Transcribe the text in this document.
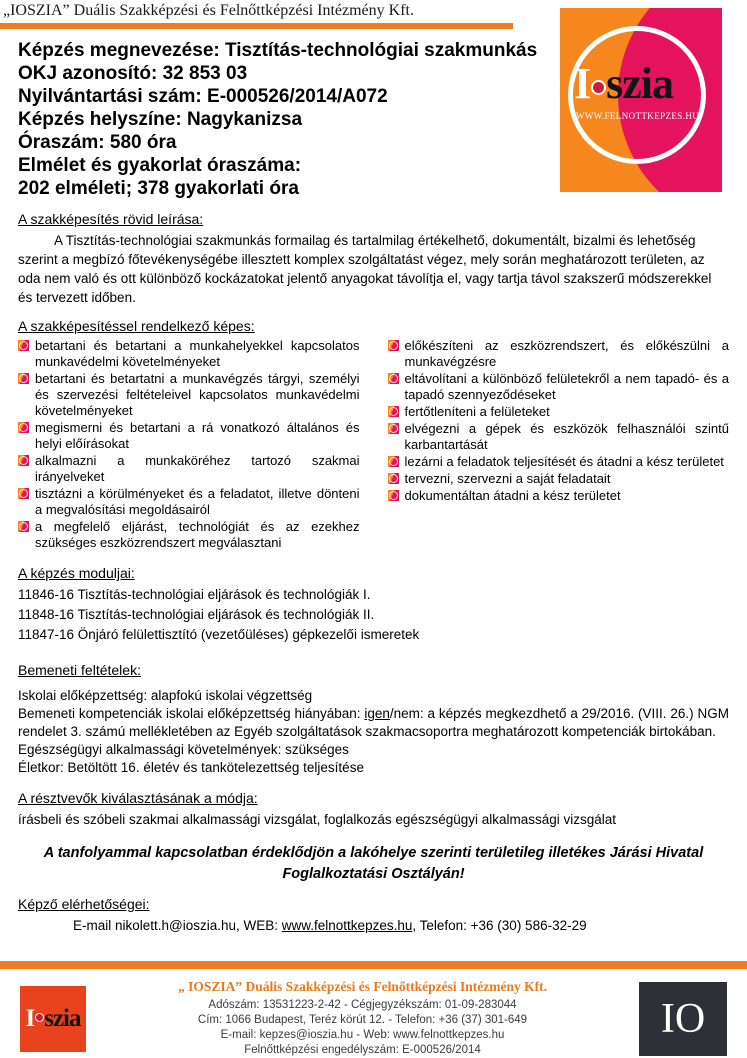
„IOSZIA” Duális Szakképzési és Felnőttképzési Intézmény Kft.
Képzés megnevezése: Tisztítás-technológiai szakmunkás
OKJ azonosító: 32 853 03
Nyilvántartási szám: E-000526/2014/A072
Képzés helyszíne: Nagykanizsa
Óraszám: 580 óra
Elmélet és gyakorlat óraszáma:
202 elméleti; 378 gyakorlati óra
I szia
WWW.FELNOTTKEPZES.HU
A szakképesítés rövid leírása:

A Tisztítás-technológiai szakmunkás formailag és tartalmilag értékelhető, dokumentált, bizalmi és lehetőség szerint a megbízó főtevékenységébe illesztett komplex szolgáltatást végez, mely során meghatározott területen, az oda nem való és ott különböző kockázatokat jelentő anyagokat távolítja el, vagy tartja távol szakszerű módszerekkel és tervezett időben.

A szakképesítéssel rendelkező képes:
betartani és betartani a munkahelyekkel kapcsolatos munkavédelmi követelményeket
betartani és betartatni a munkavégzés tárgyi, személyi és szervezési feltételeivel kapcsolatos munkavédelmi követelményeket
megismerni és betartani a rá vonatkozó általános és helyi előírásokat
alkalmazni a munkaköréhez tartozó szakmai irányelveket
tisztázni a körülményeket és a feladatot, illetve dönteni a megvalósítási megoldásairól
a megfelelő eljárást, technológiát és az ezekhez szükséges eszközrendszert megválasztani
előkészíteni az eszközrendszert, és előkészülni a munkavégzésre
eltávolítani a különböző felületekről a nem tapadó- és a tapadó szennyeződéseket
fertőtleníteni a felületeket
elvégezni a gépek és eszközök felhasználói szintű karbantartását
lezárni a feladatok teljesítését és átadni a kész területet
tervezni, szervezni a saját feladatait
dokumentáltan átadni a kész területet
A képzés moduljai:
11846-16 Tisztítás-technológiai eljárások és technológiák I.
11848-16 Tisztítás-technológiai eljárások és technológiák II.
11847-16 Önjáró felülettisztító (vezetőüléses) gépkezelői ismeretek
Bemeneti feltételek:
Iskolai előképzettség: alapfokú iskolai végzettség

Bemeneti kompetenciák iskolai előképzettség hiányában: igen/nem: a képzés megkezdhető a 29/2016. (VIII. 26.) NGM rendelet 3. számú mellékletében az Egyéb szolgáltatások szakmacsoportra meghatározott kompetenciák birtokában.

Egészségügyi alkalmassági követelmények: szükséges
Életkor: Betöltött 16. életév és tankötelezettség teljesítése
A résztvevők kiválasztásának a módja:

írásbeli és szóbeli szakmai alkalmassági vizsgálat, foglalkozás egészségügyi alkalmassági vizsgálat

A tanfolyammal kapcsolatban érdeklődjön a lakóhelye szerinti területileg illetékes Járási Hivatal Foglalkoztatási Osztályán!

Képző elérhetőségei:
E-mail nikolett.h@ioszia.hu, WEB: www.felnottkepzes.hu, Telefon: +36 (30) 586-32-29
I szia
„ IOSZIA” Duális Szakképzési és Felnőttképzési Intézmény Kft.
Adószám: 13531223-2-42 - Cégjegyzékszám: 01-09-283044
Cím: 1066 Budapest, Teréz körút 12. - Telefon: +36 (37) 301-649
E-mail: kepzes@ioszia.hu - Web: www.felnottkepzes.hu
Felnőttképzési engedélyszám: E-000526/2014
IO
